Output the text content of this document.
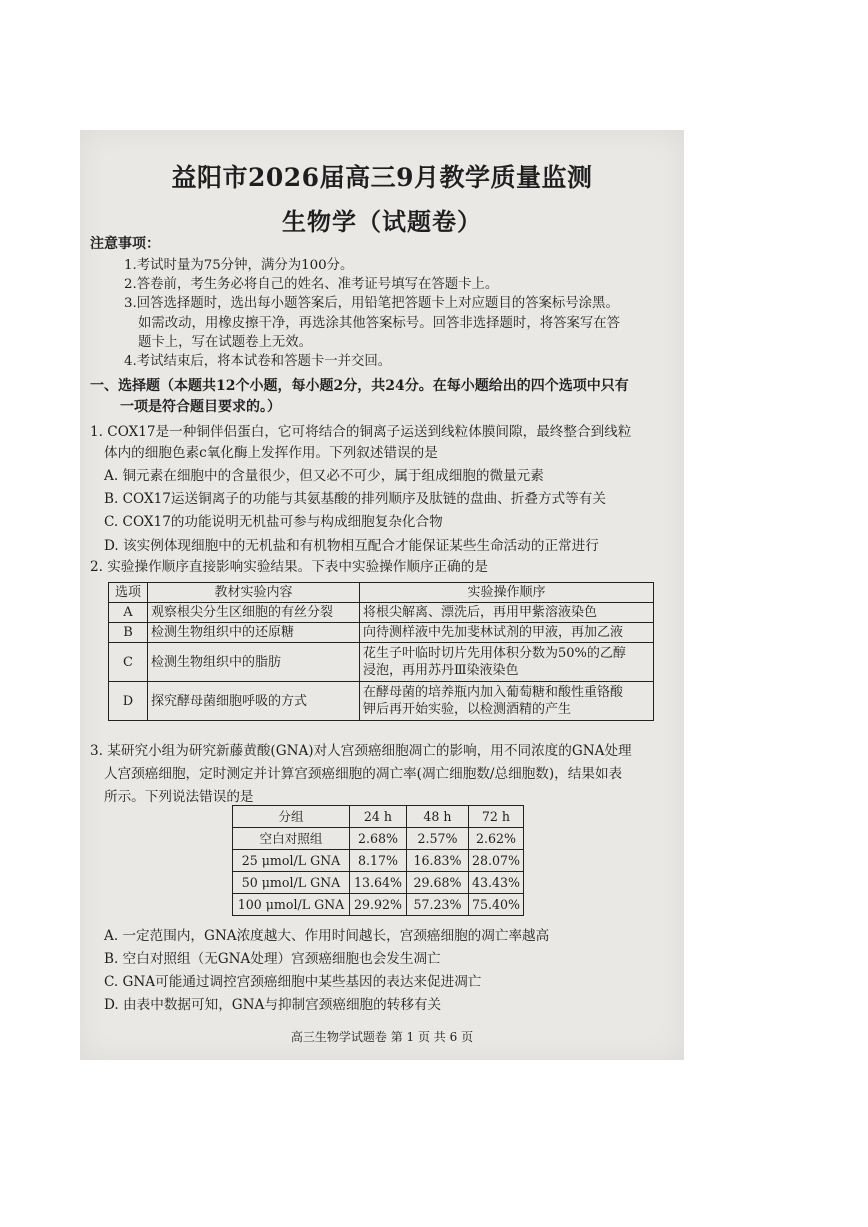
益阳市2026届高三9月教学质量监测
生物学（试题卷）
注意事项：
1.考试时量为75分钟，满分为100分。
2.答卷前，考生务必将自己的姓名、准考证号填写在答题卡上。
3.回答选择题时，选出每小题答案后，用铅笔把答题卡上对应题目的答案标号涂黑。
如需改动，用橡皮擦干净，再选涂其他答案标号。回答非选择题时，将答案写在答
题卡上，写在试题卷上无效。
4.考试结束后，将本试卷和答题卡一并交回。
一、选择题（本题共12个小题，每小题2分，共24分。在每小题给出的四个选项中只有
一项是符合题目要求的。）
1. COX17是一种铜伴侣蛋白，它可将结合的铜离子运送到线粒体膜间隙，最终整合到线粒
体内的细胞色素c氧化酶上发挥作用。下列叙述错误的是
A. 铜元素在细胞中的含量很少，但又必不可少，属于组成细胞的微量元素
B. COX17运送铜离子的功能与其氨基酸的排列顺序及肽链的盘曲、折叠方式等有关
C. COX17的功能说明无机盐可参与构成细胞复杂化合物
D. 该实例体现细胞中的无机盐和有机物相互配合才能保证某些生命活动的正常进行
2. 实验操作顺序直接影响实验结果。下表中实验操作顺序正确的是
选项	教材实验内容	实验操作顺序
A	观察根尖分生区细胞的有丝分裂	将根尖解离、漂洗后，再用甲紫溶液染色
B	检测生物组织中的还原糖	向待测样液中先加斐林试剂的甲液，再加乙液
C	检测生物组织中的脂肪	花生子叶临时切片先用体积分数为50%的乙醇
浸泡，再用苏丹Ⅲ染液染色

D	探究酵母菌细胞呼吸的方式	在酵母菌的培养瓶内加入葡萄糖和酸性重铬酸
钾后再开始实验，以检测酒精的产生
3. 某研究小组为研究新藤黄酸(GNA)对人宫颈癌细胞凋亡的影响，用不同浓度的GNA处理
人宫颈癌细胞，定时测定并计算宫颈癌细胞的凋亡率(凋亡细胞数/总细胞数)，结果如表
所示。下列说法错误的是
分组	24 h	48 h	72 h
空白对照组	2.68%	2.57%	2.62%
25 μmol/L GNA	8.17%	16.83%	28.07%
50 μmol/L GNA	13.64%	29.68%	43.43%
100 μmol/L GNA	29.92%	57.23%	75.40%
A. 一定范围内，GNA浓度越大、作用时间越长，宫颈癌细胞的凋亡率越高
B. 空白对照组（无GNA处理）宫颈癌细胞也会发生凋亡
C. GNA可能通过调控宫颈癌细胞中某些基因的表达来促进凋亡
D. 由表中数据可知，GNA与抑制宫颈癌细胞的转移有关
高三生物学试题卷 第 1 页 共 6 页
